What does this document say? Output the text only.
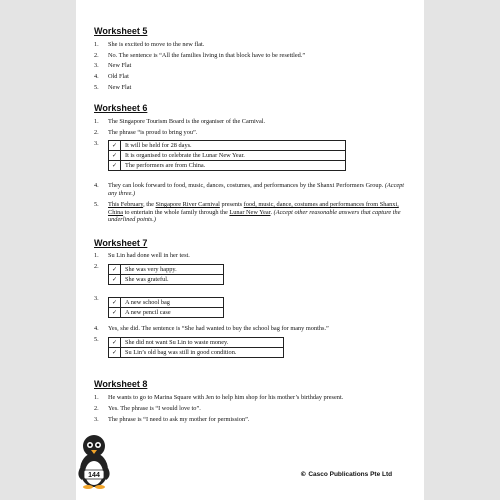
Worksheet 5
1. She is excited to move to the new flat.
2. No. The sentence is “All the families living in that block have to be resettled.”
3. New Flat
4. Old Flat
5. New Flat
Worksheet 6
1. The Singapore Tourism Board is the organiser of the Carnival.
2. The phrase “is proud to bring you”.
3. ✓	It will be held for 28 days.
✓	It is organised to celebrate the Lunar New Year.
✓	The performers are from China.
4. They can look forward to food, music, dances, costumes, and performances by the Shanxi Performers Group. (Accept any three.)
5. This February, the Singapore River Carnival presents food, music, dance, costumes and performances from Shanxi, China to entertain the whole family through the Lunar New Year. (Accept other reasonable answers that capture the underlined points.)
Worksheet 7
1. Su Lin had done well in her test.
2. ✓	She was very happy.
✓	She was grateful.
3.
✓	A new school bag
✓	A new pencil case
4. Yes, she did. The sentence is “She had wanted to buy the school bag for many months.”
5. ✓	She did not want Su Lin to waste money.
✓	Su Lin’s old bag was still in good condition.
Worksheet 8
1. He wants to go to Marina Square with Jen to help him shop for his mother’s birthday present.
2. Yes. The phrase is “I would love to”.
3. The phrase is “I need to ask my mother for permission”.
144	© Casco Publications Pte Ltd
